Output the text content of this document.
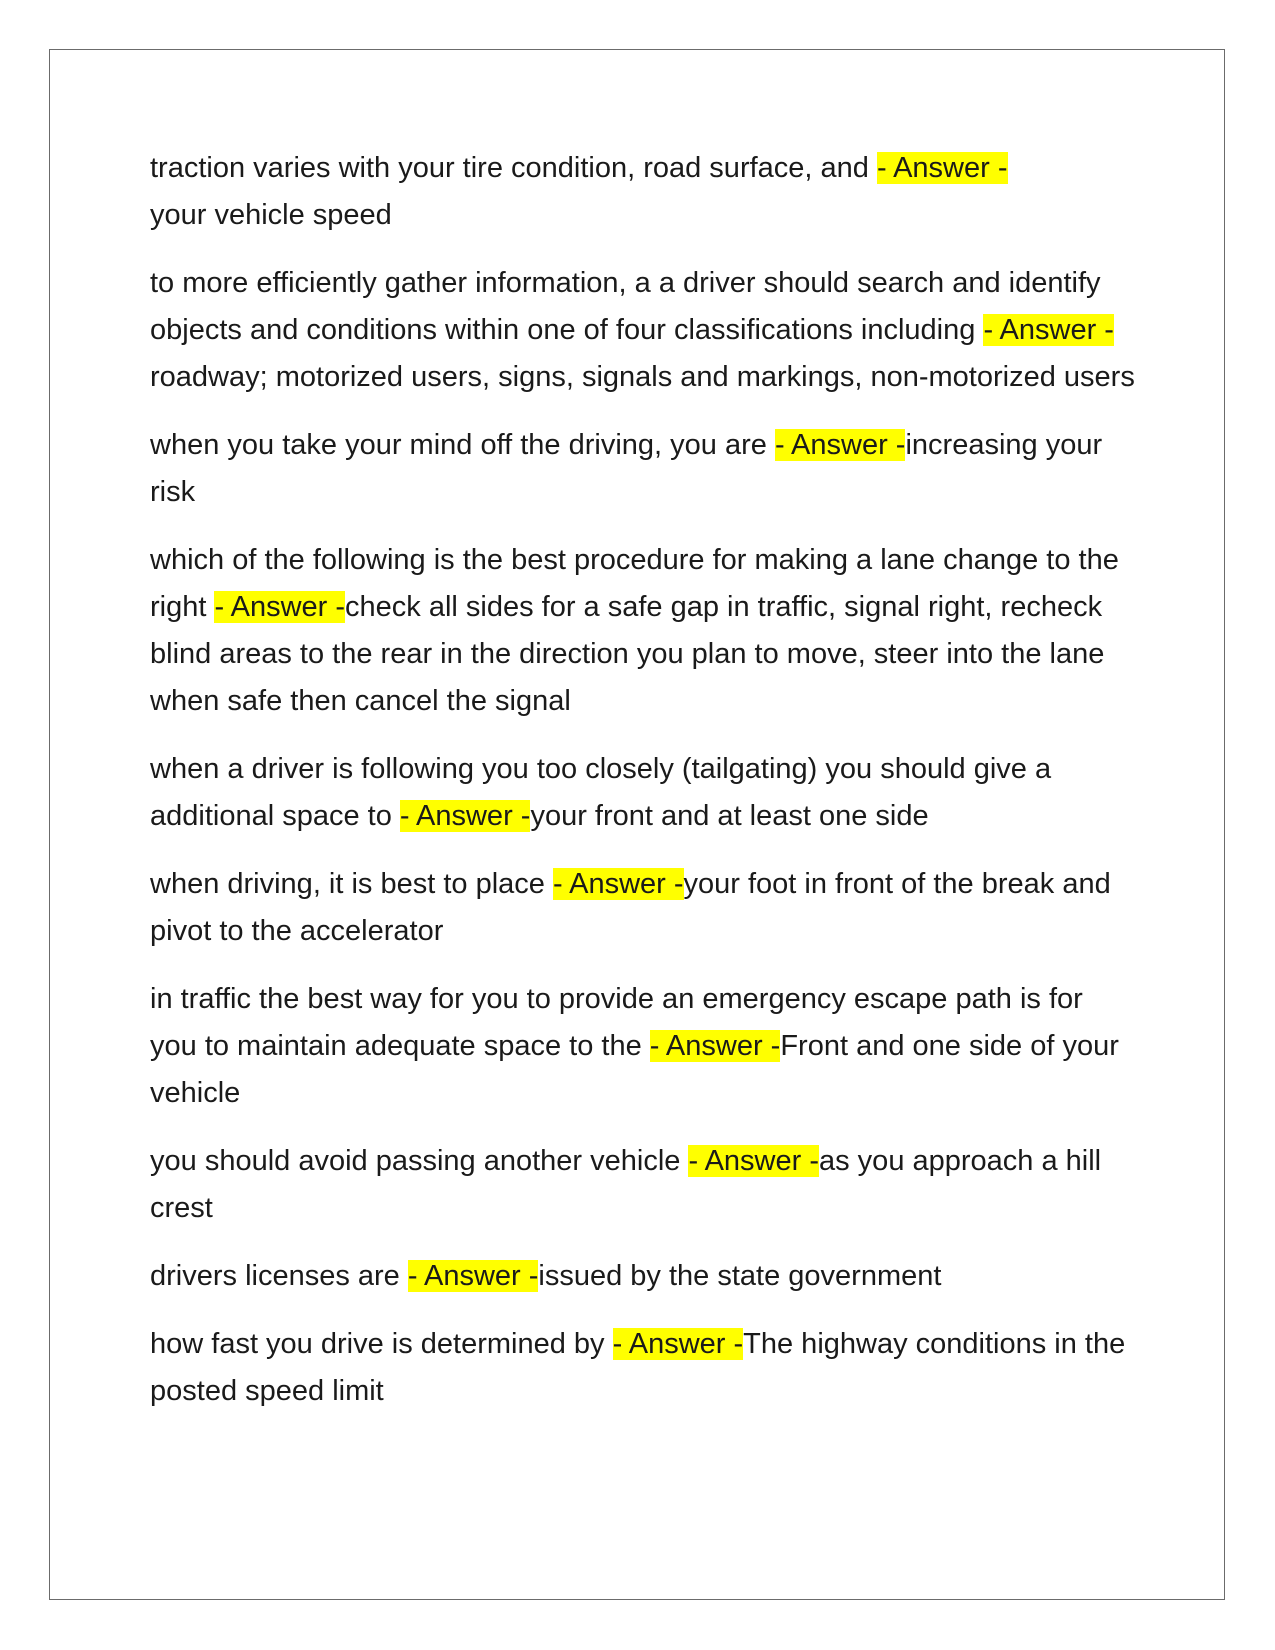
traction varies with your tire condition, road surface, and - Answer -
your vehicle speed

to more efficiently gather information, a a driver should search and identify objects and conditions within one of four classifications including - Answer -roadway; motorized users, signs, signals and markings, non-motorized users

when you take your mind off the driving, you are - Answer -increasing your risk

which of the following is the best procedure for making a lane change to the right - Answer -check all sides for a safe gap in traffic, signal right, recheck blind areas to the rear in the direction you plan to move, steer into the lane when safe then cancel the signal

when a driver is following you too closely (tailgating) you should give a additional space to - Answer -your front and at least one side

when driving, it is best to place - Answer -your foot in front of the break and pivot to the accelerator

in traffic the best way for you to provide an emergency escape path is for you to maintain adequate space to the - Answer -Front and one side of your vehicle

you should avoid passing another vehicle - Answer -as you approach a hill crest

drivers licenses are - Answer -issued by the state government

how fast you drive is determined by - Answer -The highway conditions in the posted speed limit
